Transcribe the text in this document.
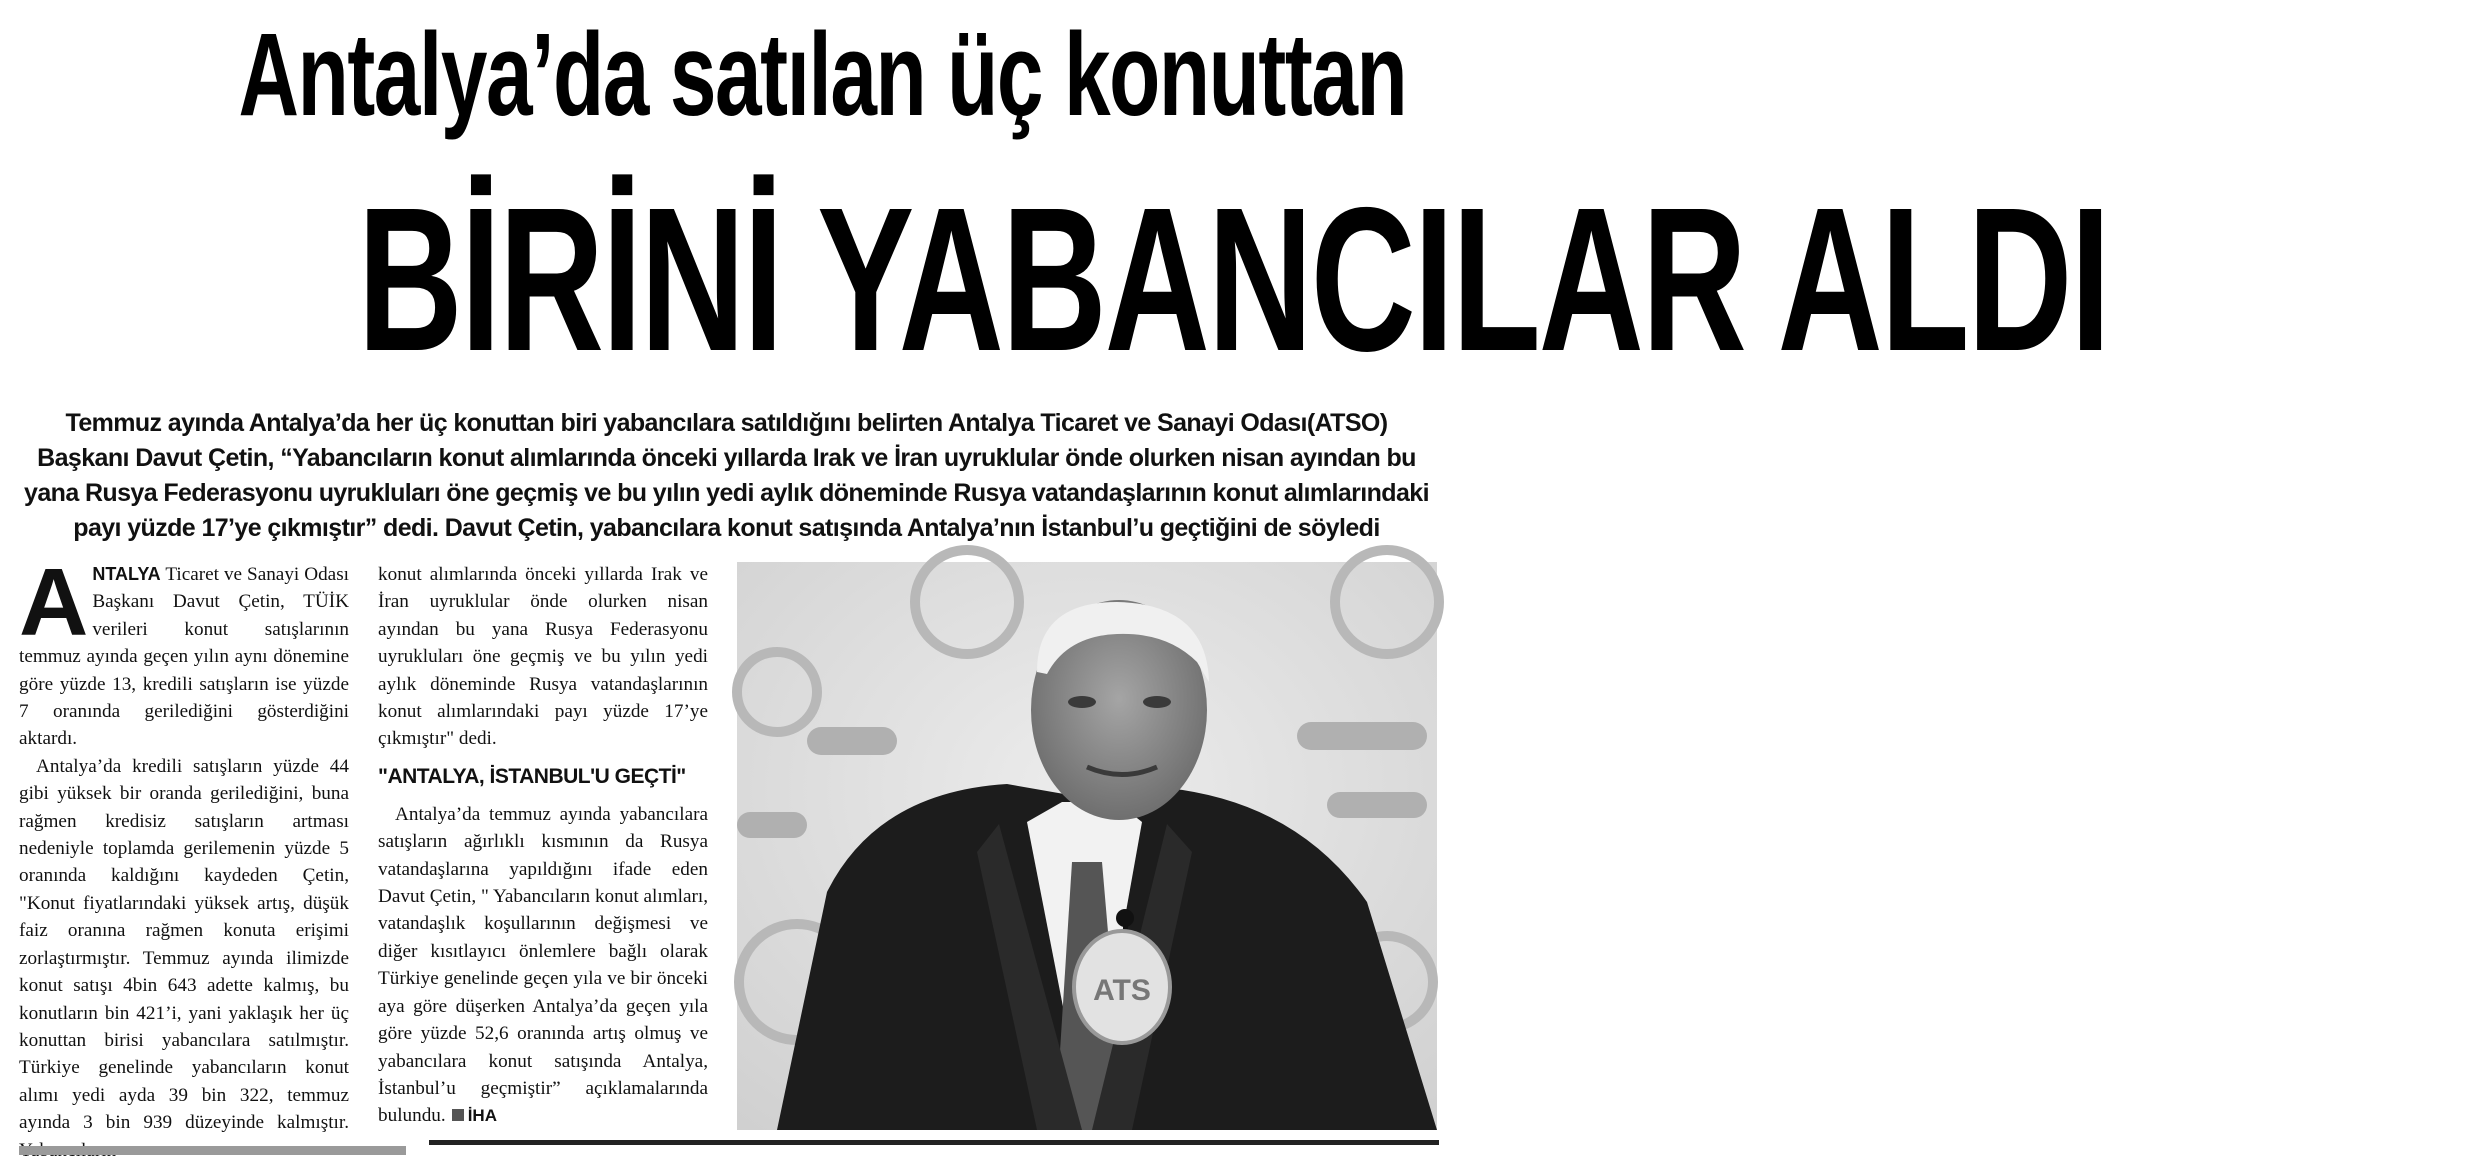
Antalya’da satılan üç konuttan
BİRİNİ YABANCILAR ALDI
Temmuz ayında Antalya’da her üç konuttan biri yabancılara satıldığını belirten Antalya Ticaret ve Sanayi Odası(ATSO)
Başkanı Davut Çetin, “Yabancıların konut alımlarında önceki yıllarda Irak ve İran uyruklular önde olurken nisan ayından bu
yana Rusya Federasyonu uyrukluları öne geçmiş ve bu yılın yedi aylık döneminde Rusya vatandaşlarının konut alımlarındaki
payı yüzde 17’ye çıkmıştır” dedi. Davut Çetin, yabancılara konut satışında Antalya’nın İstanbul’u geçtiğini de söyledi

ANTALYA Ticaret ve Sanayi Odası Başkanı Davut Çetin, TÜİK verileri konut satışlarının temmuz ayında geçen yılın aynı dönemine göre yüzde 13, kredili satışların ise yüzde 7 oranında gerilediğini gösterdiğini aktardı.

Antalya’da kredili satışların yüzde 44 gibi yüksek bir oranda gerilediğini, buna rağmen kredisiz satışların artması nedeniyle toplamda gerilemenin yüzde 5 oranında kaldığını kaydeden Çetin, "Konut fiyatlarındaki yüksek artış, düşük faiz oranına rağmen konuta erişimi zorlaştırmıştır. Temmuz ayında ilimizde konut satışı 4bin 643 adette kalmış, bu konutların bin 421’i, yani yaklaşık her üç konuttan birisi yabancılara satılmıştır. Türkiye genelinde yabancıların konut alımı yedi ayda 39 bin 322, temmuz ayında 3 bin 939 düzeyinde kalmıştır.

konut alımlarında önceki yıllarda Irak ve İran uyruklular önde olurken nisan ayından bu yana Rusya Federasyonu uyrukluları öne geçmiş ve bu yılın yedi aylık döneminde Rusya vatandaşlarının konut alımlarındaki payı yüzde 17’ye çıkmıştır" dedi.

"ANTALYA, İSTANBUL'U GEÇTİ"

Antalya’da temmuz ayında yabancılara satışların ağırlıklı kısmının da Rusya vatandaşlarına yapıldığını ifade eden Davut Çetin, " Yabancıların konut alımları, vatandaşlık koşullarının değişmesi ve diğer kısıtlayıcı önlemlere bağlı olarak Türkiye genelinde geçen yıla ve bir önceki aya göre düşerken Antalya’da geçen yıla göre yüzde 52,6 oranında artış olmuş ve yabancılara konut satışında Antalya, İstanbul’u geçmiştir” açıklamalarında bulundu. İHA

ATS
